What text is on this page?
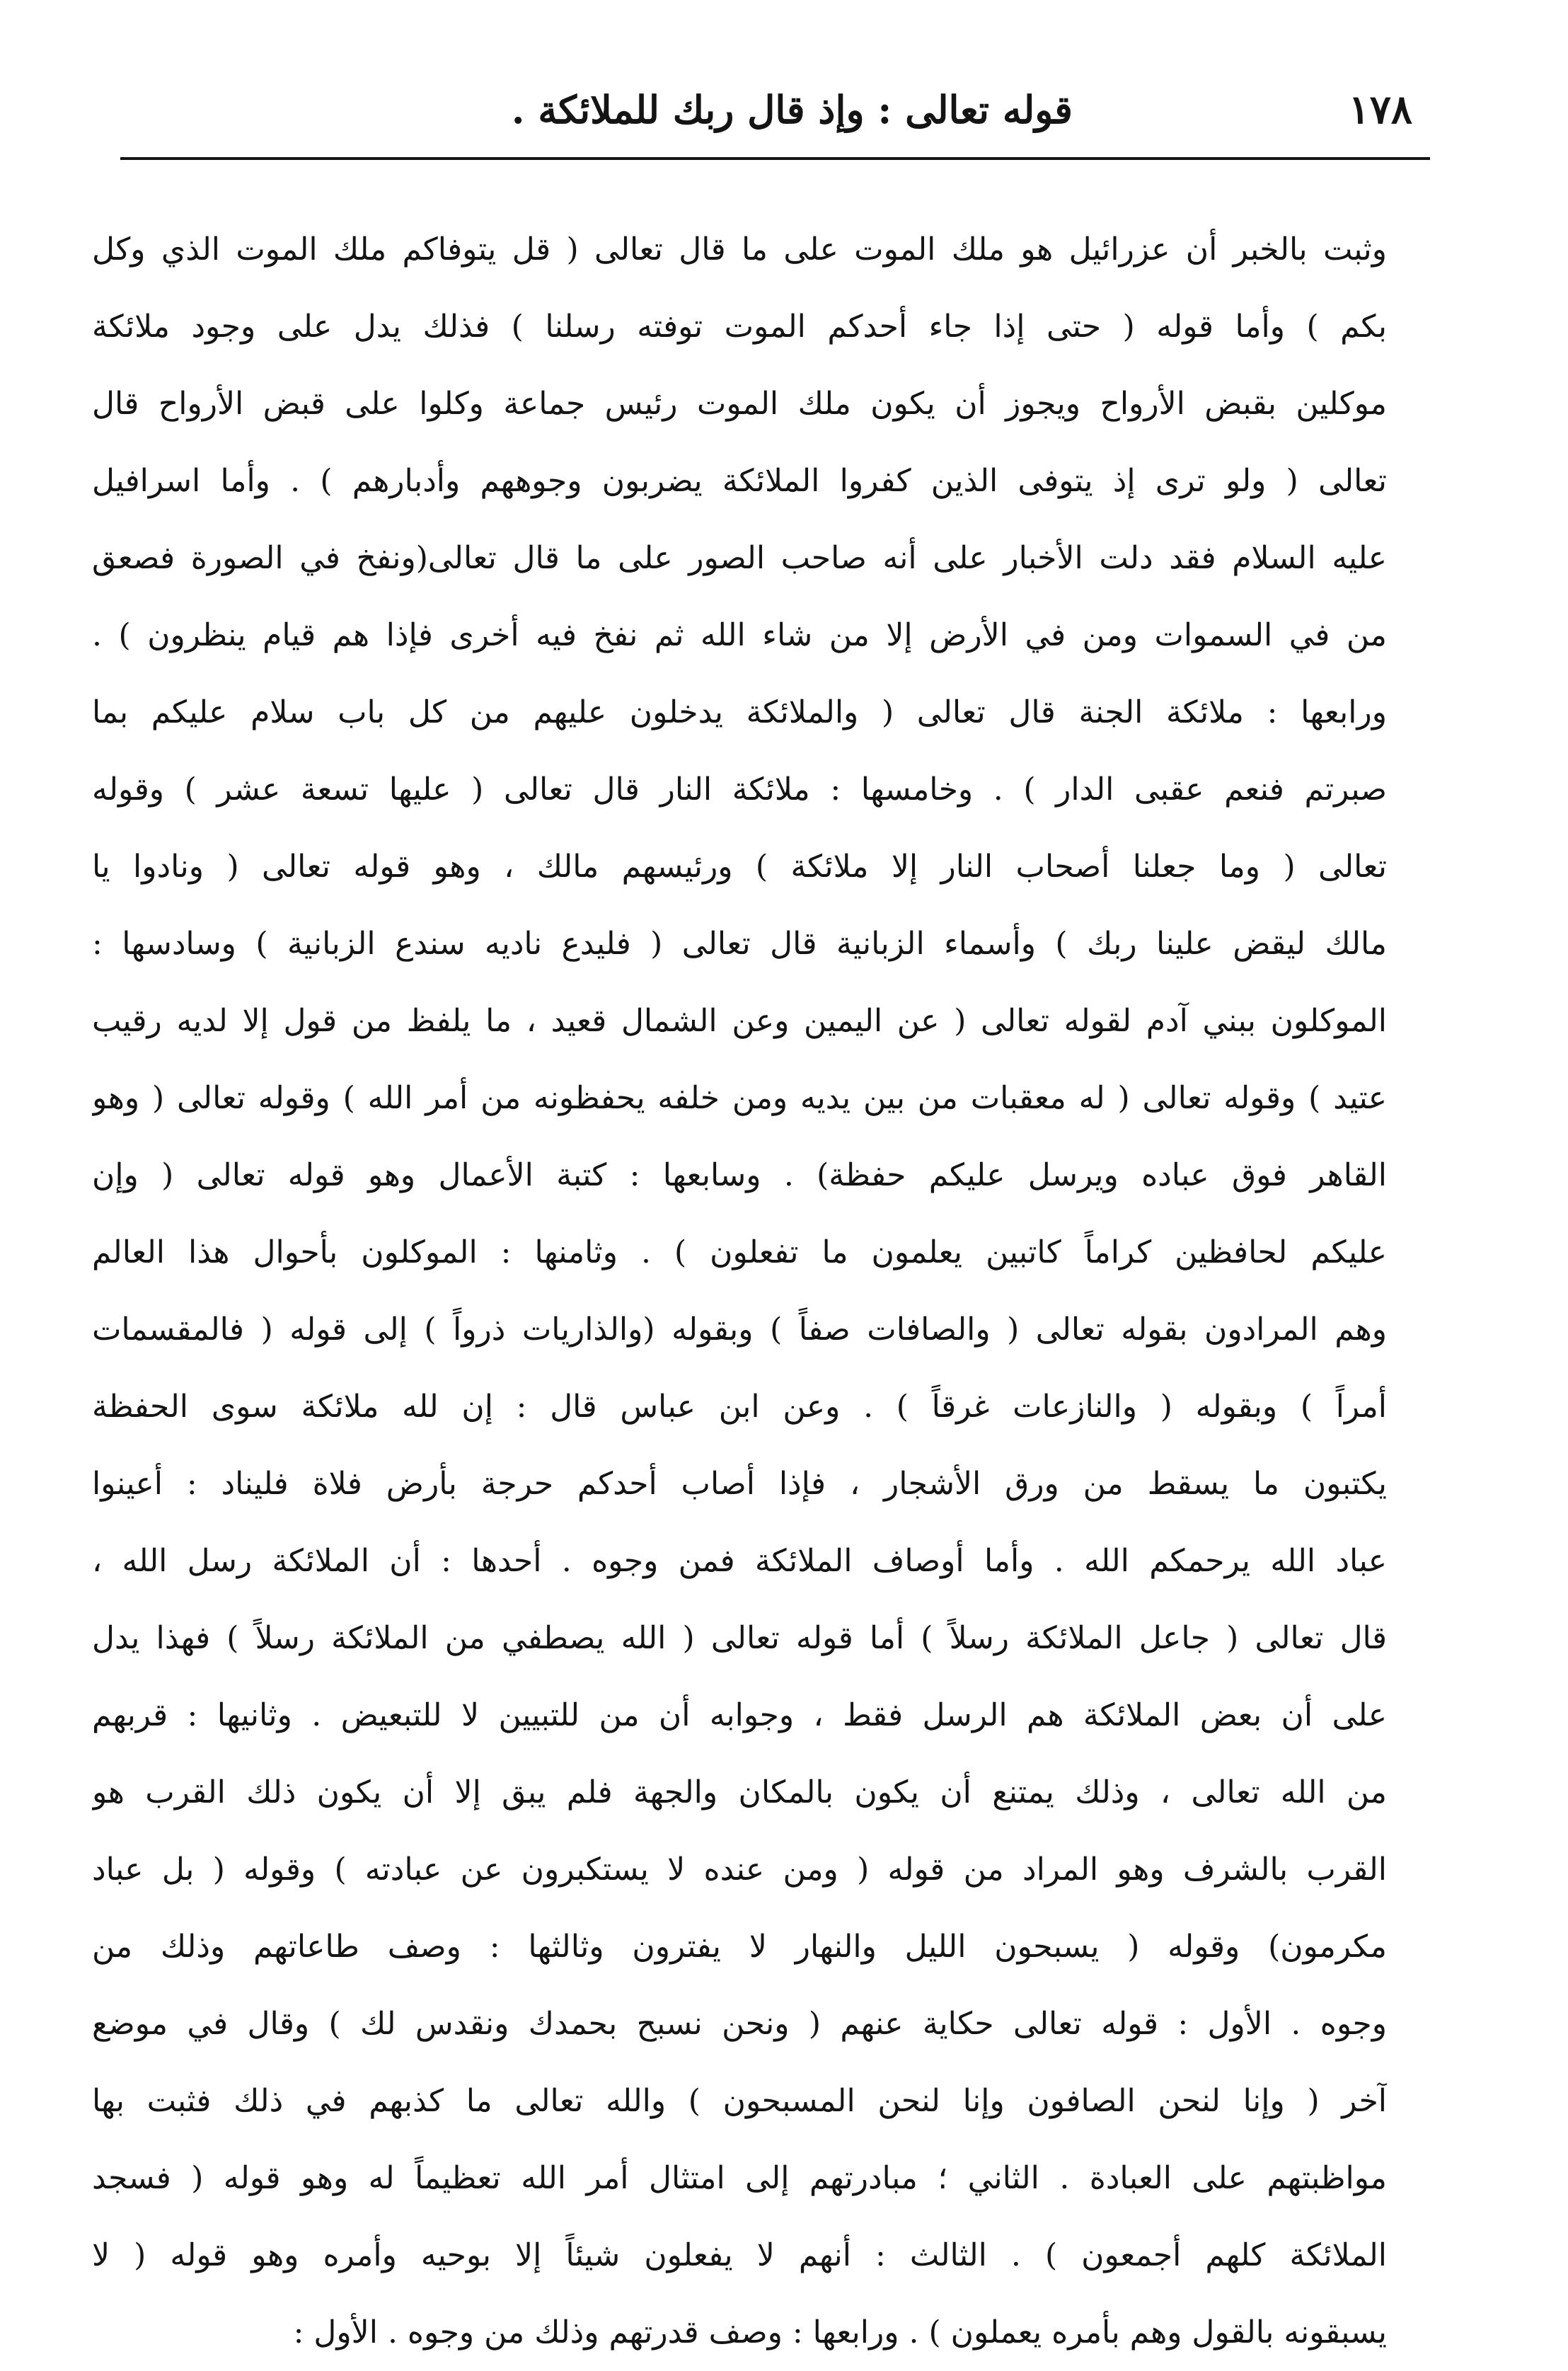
١٧٨
قوله تعالى : وإذ قال ربك للملائكة .
وثبت بالخبر أن عزرائيل هو ملك الموت على ما قال تعالى ( قل يتوفاكم ملك الموت الذي وكل
بكم ) وأما قوله ( حتى إذا جاء أحدكم الموت توفته رسلنا ) فذلك يدل على وجود ملائكة
موكلين بقبض الأرواح ويجوز أن يكون ملك الموت رئيس جماعة وكلوا على قبض الأرواح قال
تعالى ( ولو ترى إذ يتوفى الذين كفروا الملائكة يضربون وجوههم وأدبارهم ) . وأما اسرافيل
عليه السلام فقد دلت الأخبار على أنه صاحب الصور على ما قال تعالى(ونفخ في الصورة فصعق
من في السموات ومن في الأرض إلا من شاء الله ثم نفخ فيه أخرى فإذا هم قيام ينظرون ) .
ورابعها : ملائكة الجنة قال تعالى ( والملائكة يدخلون عليهم من كل باب سلام عليكم بما
صبرتم فنعم عقبى الدار ) . وخامسها : ملائكة النار قال تعالى ( عليها تسعة عشر ) وقوله
تعالى ( وما جعلنا أصحاب النار إلا ملائكة ) ورئيسهم مالك ، وهو قوله تعالى ( ونادوا يا
مالك ليقض علينا ربك ) وأسماء الزبانية قال تعالى ( فليدع ناديه سندع الزبانية ) وسادسها :
الموكلون ببني آدم لقوله تعالى ( عن اليمين وعن الشمال قعيد ، ما يلفظ من قول إلا لديه رقيب
عتيد ) وقوله تعالى ( له معقبات من بين يديه ومن خلفه يحفظونه من أمر الله ) وقوله تعالى ( وهو
القاهر فوق عباده ويرسل عليكم حفظة) . وسابعها : كتبة الأعمال وهو قوله تعالى ( وإن
عليكم لحافظين كراماً كاتبين يعلمون ما تفعلون ) . وثامنها : الموكلون بأحوال هذا العالم
وهم المرادون بقوله تعالى ( والصافات صفاً ) وبقوله (والذاريات ذرواً ) إلى قوله ( فالمقسمات
أمراً ) وبقوله ( والنازعات غرقاً ) . وعن ابن عباس قال : إن لله ملائكة سوى الحفظة
يكتبون ما يسقط من ورق الأشجار ، فإذا أصاب أحدكم حرجة بأرض فلاة فليناد : أعينوا
عباد الله يرحمكم الله . وأما أوصاف الملائكة فمن وجوه . أحدها : أن الملائكة رسل الله ،
قال تعالى ( جاعل الملائكة رسلاً ) أما قوله تعالى ( الله يصطفي من الملائكة رسلاً ) فهذا يدل
على أن بعض الملائكة هم الرسل فقط ، وجوابه أن من للتبيين لا للتبعيض . وثانيها : قربهم
من الله تعالى ، وذلك يمتنع أن يكون بالمكان والجهة فلم يبق إلا أن يكون ذلك القرب هو
القرب بالشرف وهو المراد من قوله ( ومن عنده لا يستكبرون عن عبادته ) وقوله ( بل عباد
مكرمون) وقوله ( يسبحون الليل والنهار لا يفترون وثالثها : وصف طاعاتهم وذلك من
وجوه . الأول : قوله تعالى حكاية عنهم ( ونحن نسبح بحمدك ونقدس لك ) وقال في موضع
آخر ( وإنا لنحن الصافون وإنا لنحن المسبحون ) والله تعالى ما كذبهم في ذلك فثبت بها
مواظبتهم على العبادة . الثاني ؛ مبادرتهم إلى امتثال أمر الله تعظيماً له وهو قوله ( فسجد
الملائكة كلهم أجمعون ) . الثالث : أنهم لا يفعلون شيئاً إلا بوحيه وأمره وهو قوله ( لا
يسبقونه بالقول وهم بأمره يعملون ) . ورابعها : وصف قدرتهم وذلك من وجوه . الأول :
